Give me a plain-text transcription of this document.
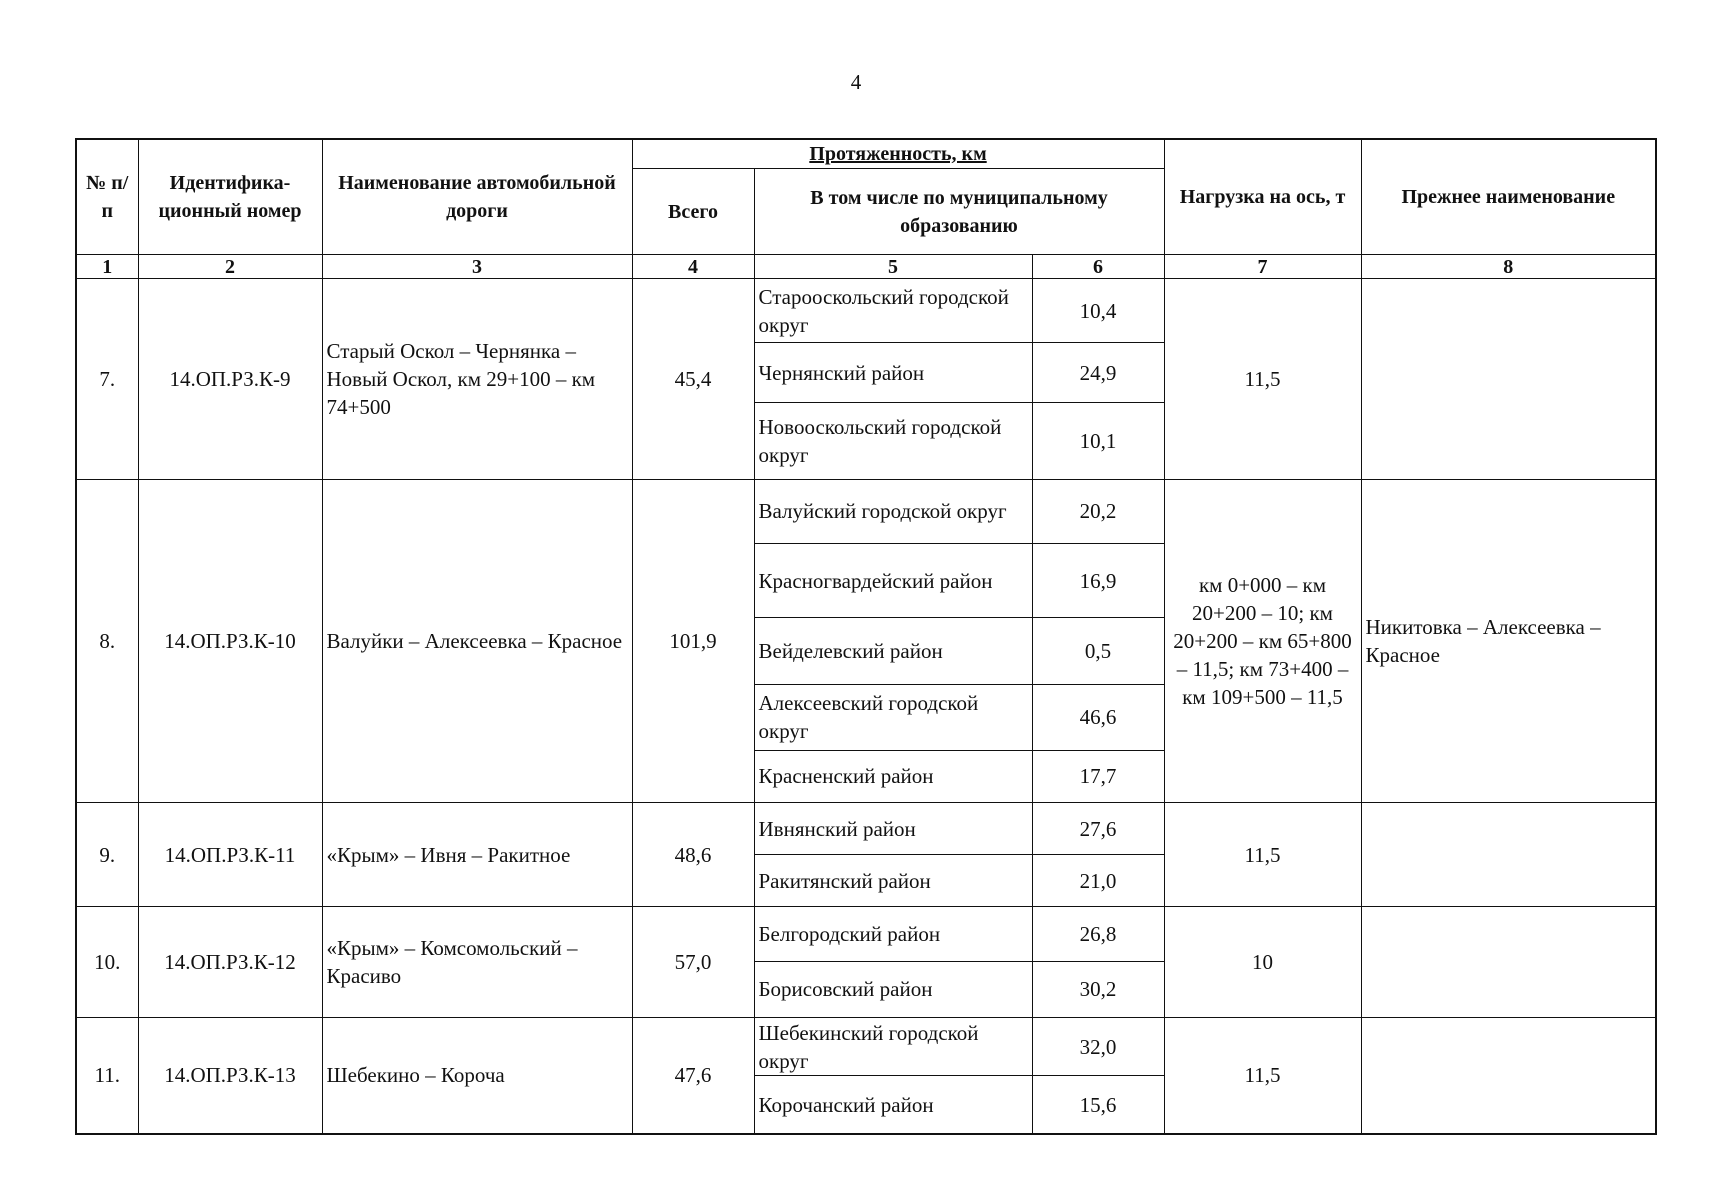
4
№ п/п	Идентифика-ционный номер	Наименование автомобильной дороги	Протяженность, км			Нагрузка на ось, т	Прежнее наименование
			Всего	В том числе по муниципальному образованию			
1	2	3	4	5	6	7	8
7.	14.ОП.РЗ.К-9	Старый Оскол – Чернянка – Новый Оскол, км 29+100 – км 74+500	45,4	Старооскольский городской округ	10,4	11,5	
				Чернянский район	24,9		
				Новооскольский городской округ	10,1		
8.	14.ОП.РЗ.К-10	Валуйки – Алексеевка – Красное	101,9	Валуйский городской округ	20,2	км 0+000 – км 20+200 – 10; км 20+200 – км 65+800 – 11,5; км 73+400 – км 109+500 – 11,5	Никитовка – Алексеевка – Красное
				Красногвардейский район	16,9		
				Вейделевский район	0,5		
				Алексеевский городской округ	46,6		
				Красненский район	17,7		
9.	14.ОП.РЗ.К-11	«Крым» – Ивня – Ракитное	48,6	Ивнянский район	27,6	11,5	
				Ракитянский район	21,0		
10.	14.ОП.РЗ.К-12	«Крым» – Комсомольский – Красиво	57,0	Белгородский район	26,8	10	
				Борисовский район	30,2		
11.	14.ОП.РЗ.К-13	Шебекино – Короча	47,6	Шебекинский городской округ	32,0	11,5	
				Корочанский район	15,6		
